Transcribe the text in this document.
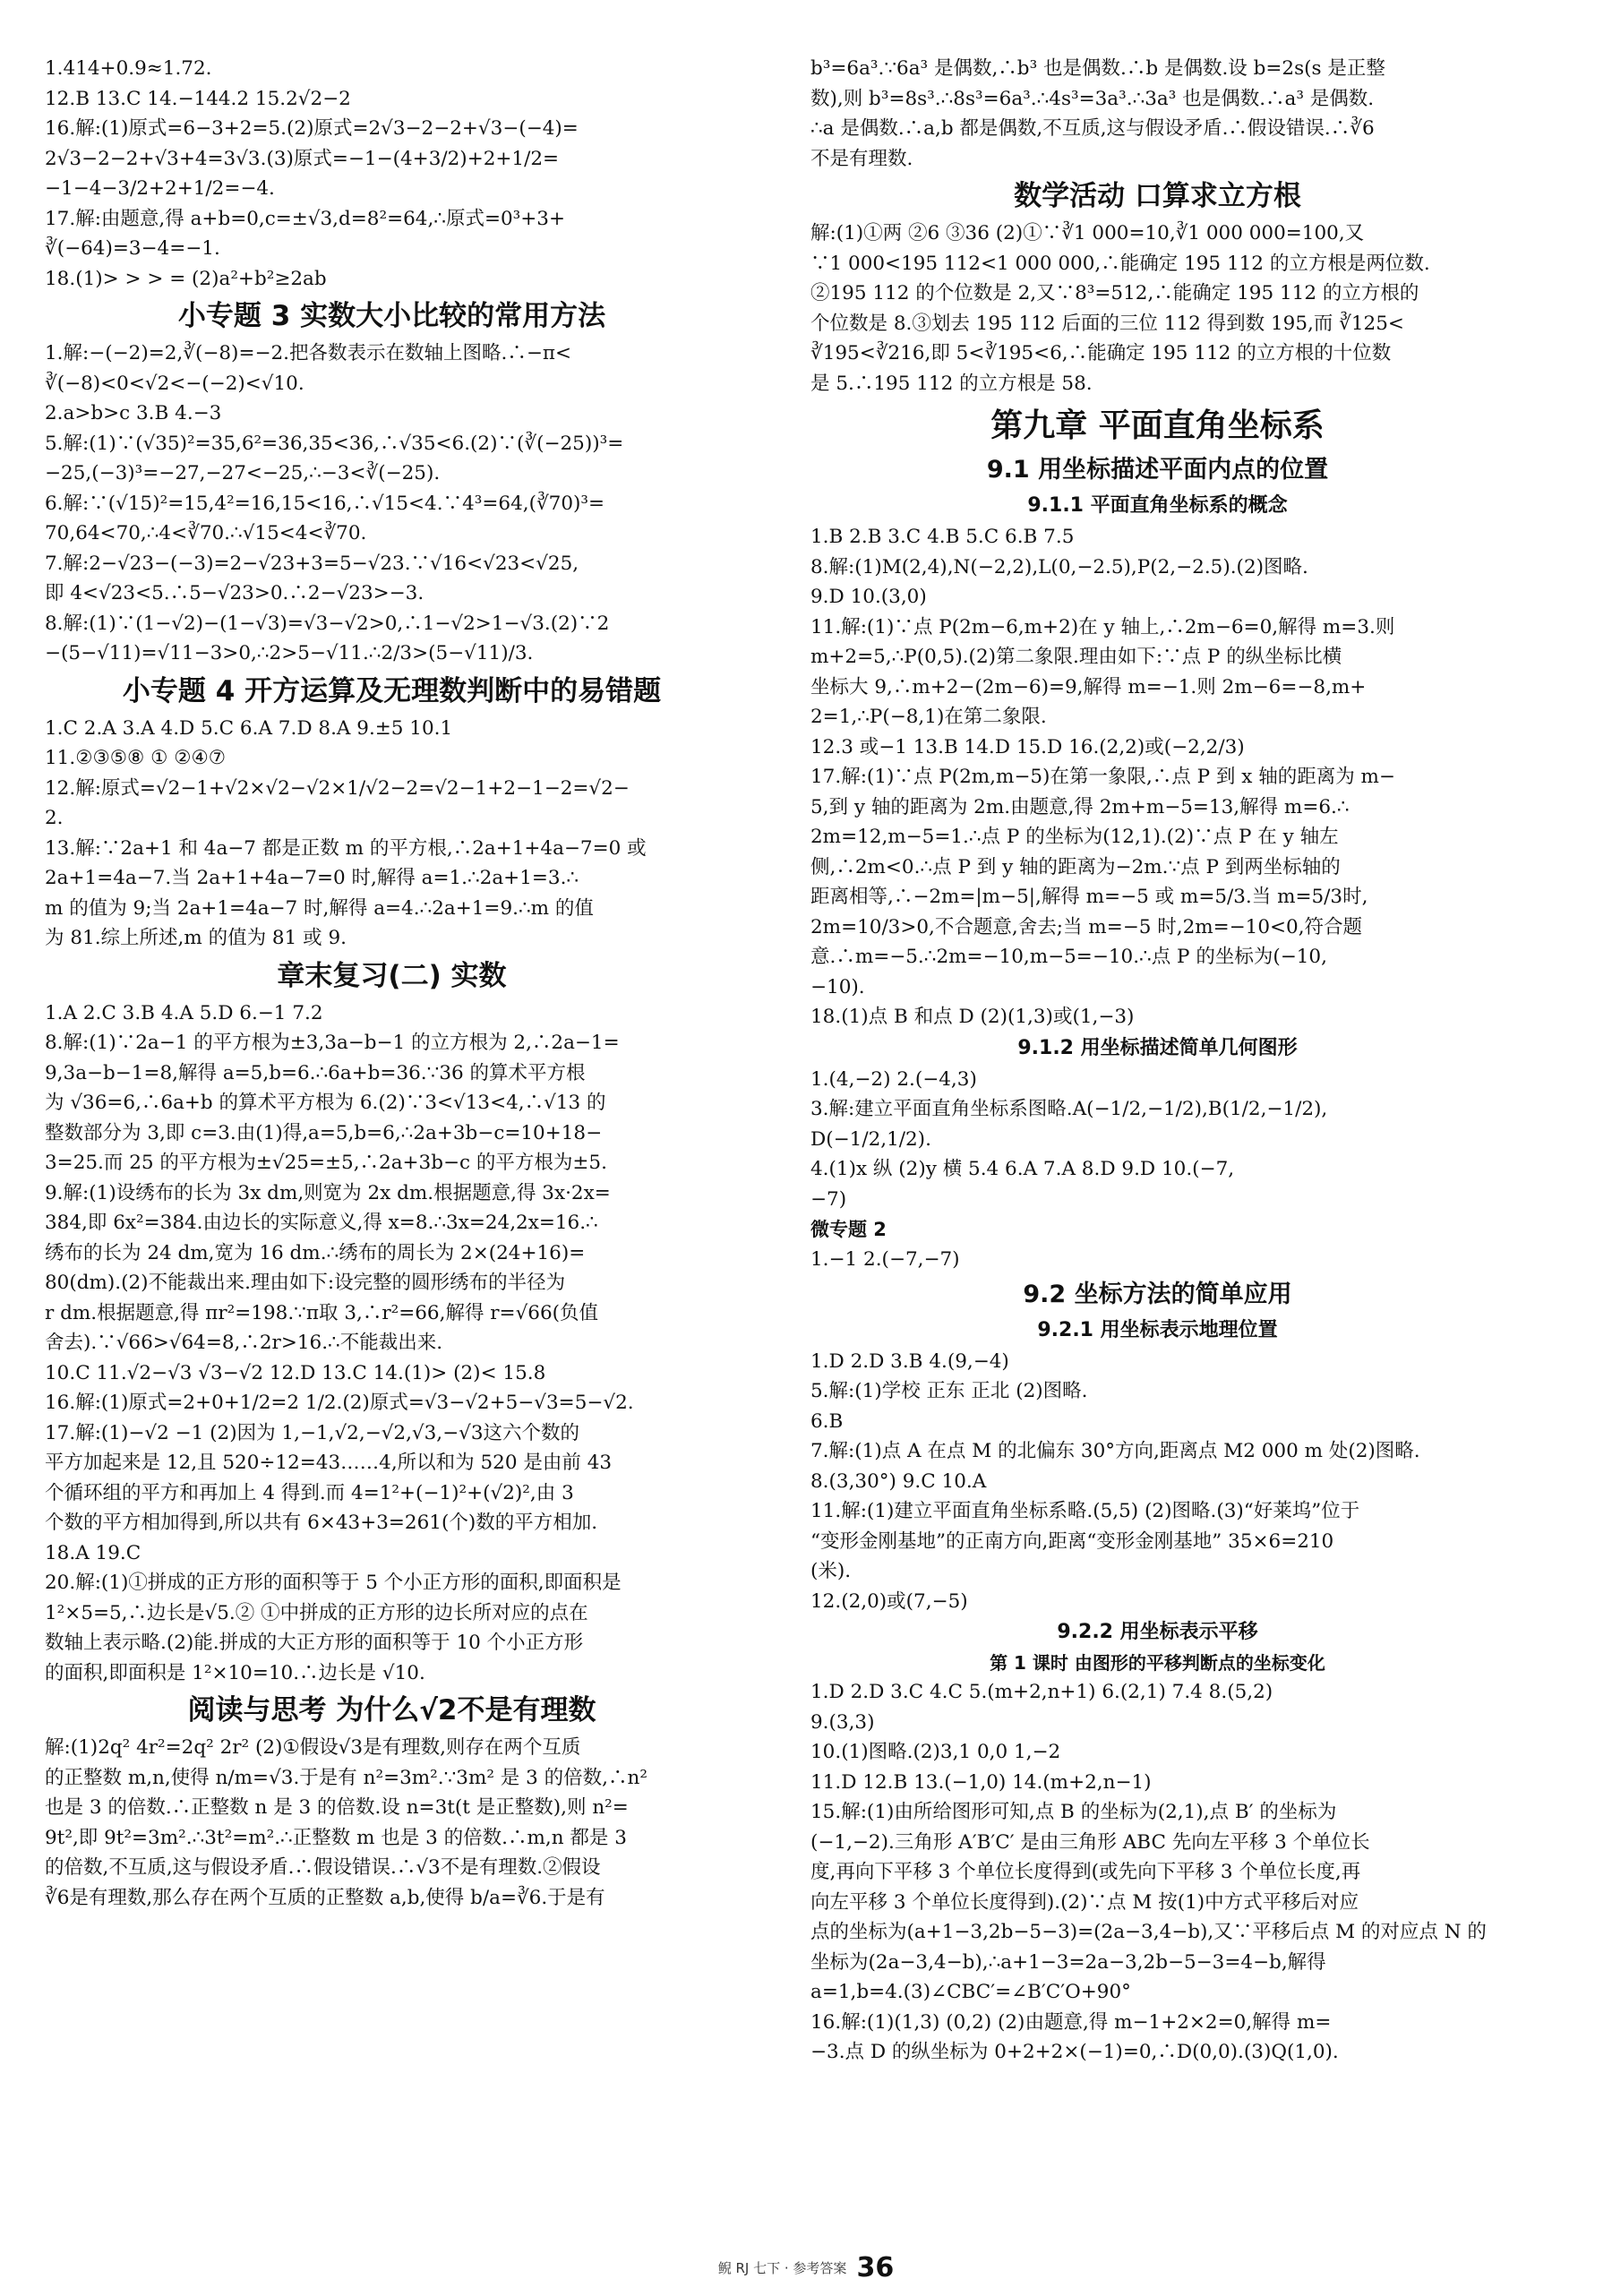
1.414+0.9≈1.72.
12.B 13.C 14.−144.2 15.2√2−2
16.解:(1)原式=6−3+2=5.(2)原式=2√3−2−2+√3−(−4)=
2√3−2−2+√3+4=3√3.(3)原式=−1−(4+3/2)+2+1/2=
−1−4−3/2+2+1/2=−4.
17.解:由题意,得 a+b=0,c=±√3,d=8²=64,∴原式=0³+3+
∛(−64)=3−4=−1.
18.(1)> > > = (2)a²+b²≥2ab
小专题 3 实数大小比较的常用方法
1.解:−(−2)=2,∛(−8)=−2.把各数表示在数轴上图略.∴−π<
∛(−8)<0<√2<−(−2)<√10.
2.a>b>c 3.B 4.−3
5.解:(1)∵(√35)²=35,6²=36,35<36,∴√35<6.(2)∵(∛(−25))³=
−25,(−3)³=−27,−27<−25,∴−3<∛(−25).
6.解:∵(√15)²=15,4²=16,15<16,∴√15<4.∵4³=64,(∛70)³=
70,64<70,∴4<∛70.∴√15<4<∛70.
7.解:2−√23−(−3)=2−√23+3=5−√23.∵√16<√23<√25,
即 4<√23<5.∴5−√23>0.∴2−√23>−3.
8.解:(1)∵(1−√2)−(1−√3)=√3−√2>0,∴1−√2>1−√3.(2)∵2
−(5−√11)=√11−3>0,∴2>5−√11.∴2/3>(5−√11)/3.
小专题 4 开方运算及无理数判断中的易错题
1.C 2.A 3.A 4.D 5.C 6.A 7.D 8.A 9.±5 10.1
11.②③⑤⑧ ① ②④⑦
12.解:原式=√2−1+√2×√2−√2×1/√2−2=√2−1+2−1−2=√2−
2.
13.解:∵2a+1 和 4a−7 都是正数 m 的平方根,∴2a+1+4a−7=0 或
2a+1=4a−7.当 2a+1+4a−7=0 时,解得 a=1.∴2a+1=3.∴
m 的值为 9;当 2a+1=4a−7 时,解得 a=4.∴2a+1=9.∴m 的值
为 81.综上所述,m 的值为 81 或 9.
章末复习(二) 实数
1.A 2.C 3.B 4.A 5.D 6.−1 7.2
8.解:(1)∵2a−1 的平方根为±3,3a−b−1 的立方根为 2,∴2a−1=
9,3a−b−1=8,解得 a=5,b=6.∴6a+b=36.∵36 的算术平方根
为 √36=6,∴6a+b 的算术平方根为 6.(2)∵3<√13<4,∴√13 的
整数部分为 3,即 c=3.由(1)得,a=5,b=6,∴2a+3b−c=10+18−
3=25.而 25 的平方根为±√25=±5,∴2a+3b−c 的平方根为±5.
9.解:(1)设绣布的长为 3x dm,则宽为 2x dm.根据题意,得 3x·2x=
384,即 6x²=384.由边长的实际意义,得 x=8.∴3x=24,2x=16.∴
绣布的长为 24 dm,宽为 16 dm.∴绣布的周长为 2×(24+16)=
80(dm).(2)不能裁出来.理由如下:设完整的圆形绣布的半径为
r dm.根据题意,得 πr²=198.∵π取 3,∴r²=66,解得 r=√66(负值
舍去).∵√66>√64=8,∴2r>16.∴不能裁出来.
10.C 11.√2−√3 √3−√2 12.D 13.C 14.(1)> (2)< 15.8
16.解:(1)原式=2+0+1/2=2 1/2.(2)原式=√3−√2+5−√3=5−√2.
17.解:(1)−√2 −1 (2)因为 1,−1,√2,−√2,√3,−√3这六个数的
平方加起来是 12,且 520÷12=43……4,所以和为 520 是由前 43
个循环组的平方和再加上 4 得到.而 4=1²+(−1)²+(√2)²,由 3
个数的平方相加得到,所以共有 6×43+3=261(个)数的平方相加.
18.A 19.C
20.解:(1)①拼成的正方形的面积等于 5 个小正方形的面积,即面积是
1²×5=5,∴边长是√5.② ①中拼成的正方形的边长所对应的点在
数轴上表示略.(2)能.拼成的大正方形的面积等于 10 个小正方形
的面积,即面积是 1²×10=10.∴边长是 √10.
阅读与思考 为什么√2不是有理数
解:(1)2q² 4r²=2q² 2r² (2)①假设√3是有理数,则存在两个互质
的正整数 m,n,使得 n/m=√3.于是有 n²=3m².∵3m² 是 3 的倍数,∴n²
也是 3 的倍数.∴正整数 n 是 3 的倍数.设 n=3t(t 是正整数),则 n²=
9t²,即 9t²=3m².∴3t²=m².∴正整数 m 也是 3 的倍数.∴m,n 都是 3
的倍数,不互质,这与假设矛盾.∴假设错误.∴√3不是有理数.②假设
∛6是有理数,那么存在两个互质的正整数 a,b,使得 b/a=∛6.于是有
b³=6a³.∵6a³ 是偶数,∴b³ 也是偶数.∴b 是偶数.设 b=2s(s 是正整
数),则 b³=8s³.∴8s³=6a³.∴4s³=3a³.∴3a³ 也是偶数.∴a³ 是偶数.
∴a 是偶数.∴a,b 都是偶数,不互质,这与假设矛盾.∴假设错误.∴∛6
不是有理数.
数学活动 口算求立方根
解:(1)①两 ②6 ③36 (2)①∵∛1 000=10,∛1 000 000=100,又
∵1 000<195 112<1 000 000,∴能确定 195 112 的立方根是两位数.
②195 112 的个位数是 2,又∵8³=512,∴能确定 195 112 的立方根的
个位数是 8.③划去 195 112 后面的三位 112 得到数 195,而 ∛125<
∛195<∛216,即 5<∛195<6,∴能确定 195 112 的立方根的十位数
是 5.∴195 112 的立方根是 58.
第九章 平面直角坐标系
9.1 用坐标描述平面内点的位置
9.1.1 平面直角坐标系的概念
1.B 2.B 3.C 4.B 5.C 6.B 7.5
8.解:(1)M(2,4),N(−2,2),L(0,−2.5),P(2,−2.5).(2)图略.
9.D 10.(3,0)
11.解:(1)∵点 P(2m−6,m+2)在 y 轴上,∴2m−6=0,解得 m=3.则
m+2=5,∴P(0,5).(2)第二象限.理由如下:∵点 P 的纵坐标比横
坐标大 9,∴m+2−(2m−6)=9,解得 m=−1.则 2m−6=−8,m+
2=1,∴P(−8,1)在第二象限.
12.3 或−1 13.B 14.D 15.D 16.(2,2)或(−2,2/3)
17.解:(1)∵点 P(2m,m−5)在第一象限,∴点 P 到 x 轴的距离为 m−
5,到 y 轴的距离为 2m.由题意,得 2m+m−5=13,解得 m=6.∴
2m=12,m−5=1.∴点 P 的坐标为(12,1).(2)∵点 P 在 y 轴左
侧,∴2m<0.∴点 P 到 y 轴的距离为−2m.∵点 P 到两坐标轴的
距离相等,∴−2m=|m−5|,解得 m=−5 或 m=5/3.当 m=5/3时,
2m=10/3>0,不合题意,舍去;当 m=−5 时,2m=−10<0,符合题
意.∴m=−5.∴2m=−10,m−5=−10.∴点 P 的坐标为(−10,
−10).
18.(1)点 B 和点 D (2)(1,3)或(1,−3)
9.1.2 用坐标描述简单几何图形
1.(4,−2) 2.(−4,3)
3.解:建立平面直角坐标系图略.A(−1/2,−1/2),B(1/2,−1/2),
D(−1/2,1/2).
4.(1)x 纵 (2)y 横 5.4 6.A 7.A 8.D 9.D 10.(−7,
−7)
微专题 2
1.−1 2.(−7,−7)
9.2 坐标方法的简单应用
9.2.1 用坐标表示地理位置
1.D 2.D 3.B 4.(9,−4)
5.解:(1)学校 正东 正北 (2)图略.
6.B
7.解:(1)点 A 在点 M 的北偏东 30°方向,距离点 M2 000 m 处(2)图略.
8.(3,30°) 9.C 10.A
11.解:(1)建立平面直角坐标系略.(5,5) (2)图略.(3)“好莱坞”位于
“变形金刚基地”的正南方向,距离“变形金刚基地” 35×6=210
(米).
12.(2,0)或(7,−5)
9.2.2 用坐标表示平移
第 1 课时 由图形的平移判断点的坐标变化
1.D 2.D 3.C 4.C 5.(m+2,n+1) 6.(2,1) 7.4 8.(5,2)
9.(3,3)
10.(1)图略.(2)3,1 0,0 1,−2
11.D 12.B 13.(−1,0) 14.(m+2,n−1)
15.解:(1)由所给图形可知,点 B 的坐标为(2,1),点 B′ 的坐标为
(−1,−2).三角形 A′B′C′ 是由三角形 ABC 先向左平移 3 个单位长
度,再向下平移 3 个单位长度得到(或先向下平移 3 个单位长度,再
向左平移 3 个单位长度得到).(2)∵点 M 按(1)中方式平移后对应
点的坐标为(a+1−3,2b−5−3)=(2a−3,4−b),又∵平移后点 M 的对应点 N 的
坐标为(2a−3,4−b),∴a+1−3=2a−3,2b−5−3=4−b,解得
a=1,b=4.(3)∠CBC′=∠B′C′O+90°
16.解:(1)(1,3) (0,2) (2)由题意,得 m−1+2×2=0,解得 m=
−3.点 D 的纵坐标为 0+2+2×(−1)=0,∴D(0,0).(3)Q(1,0).
鲵 RJ 七下 · 参考答案 36
